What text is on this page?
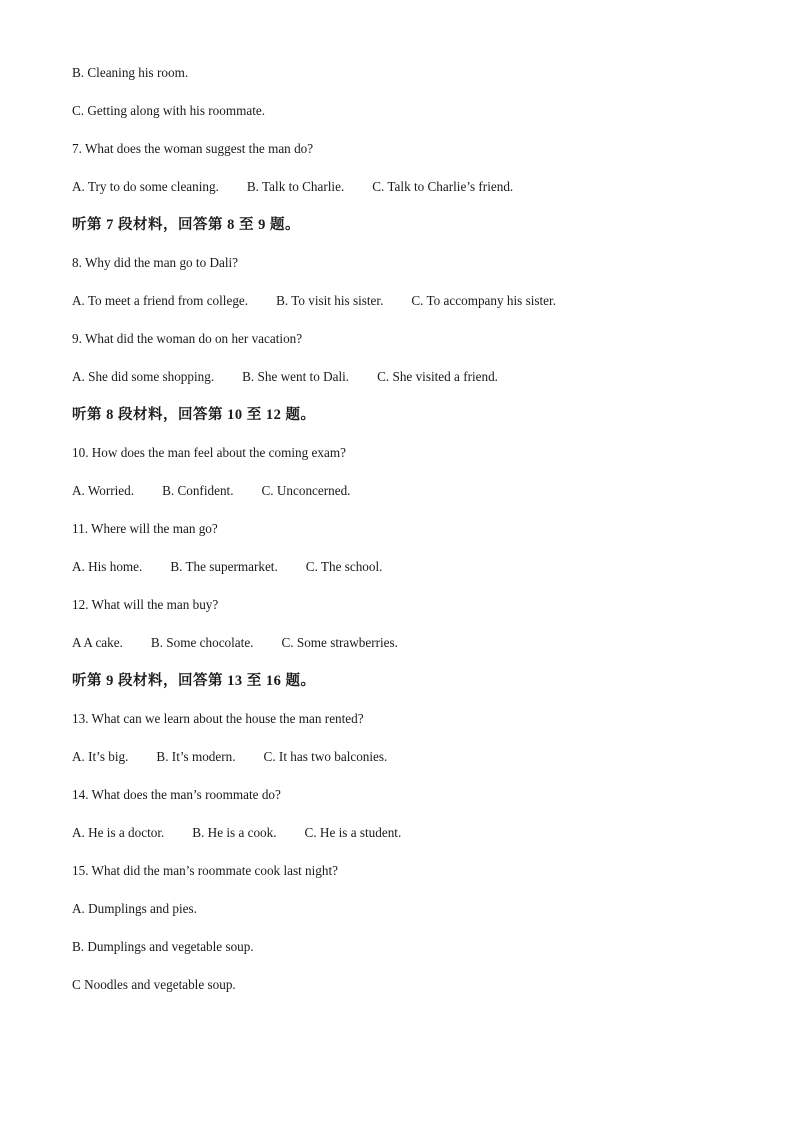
B. Cleaning his room.
C. Getting along with his roommate.
7. What does the woman suggest the man do?
A. Try to do some cleaning. B. Talk to Charlie. C. Talk to Charlie’s friend.
听第 7 段材料，回答第 8 至 9 题。
8. Why did the man go to Dali?
A. To meet a friend from college. B. To visit his sister. C. To accompany his sister.
9. What did the woman do on her vacation?
A. She did some shopping. B. She went to Dali. C. She visited a friend.
听第 8 段材料，回答第 10 至 12 题。
10. How does the man feel about the coming exam?
A. Worried. B. Confident. C. Unconcerned.
11. Where will the man go?
A. His home. B. The supermarket. C. The school.
12. What will the man buy?
A A cake. B. Some chocolate. C. Some strawberries.
听第 9 段材料，回答第 13 至 16 题。
13. What can we learn about the house the man rented?
A. It’s big. B. It’s modern. C. It has two balconies.
14. What does the man’s roommate do?
A. He is a doctor. B. He is a cook. C. He is a student.
15. What did the man’s roommate cook last night?
A. Dumplings and pies.
B. Dumplings and vegetable soup.
C Noodles and vegetable soup.
